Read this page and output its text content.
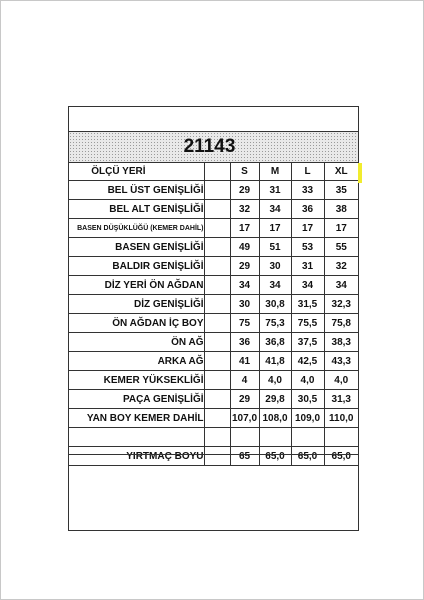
21143
ÖLÇÜ YERİ		S	M	L	XL
BEL ÜST GENİŞLİĞİ		29	31	33	35
BEL ALT GENİŞLİĞİ		32	34	36	38
BASEN DÜŞÜKLÜĞÜ (KEMER DAHİL)		17	17	17	17
BASEN GENİŞLİĞİ		49	51	53	55
BALDIR GENİŞLİĞİ		29	30	31	32
DİZ YERİ ÖN AĞDAN		34	34	34	34
DİZ GENİŞLİĞİ		30	30,8	31,5	32,3
ÖN AĞDAN İÇ BOY		75	75,3	75,5	75,8
ÖN AĞ		36	36,8	37,5	38,3
ARKA AĞ		41	41,8	42,5	43,3
KEMER YÜKSEKLİĞİ		4	4,0	4,0	4,0
PAÇA GENİŞLİĞİ		29	29,8	30,5	31,3
YAN BOY KEMER DAHİL		107,0	108,0	109,0	110,0

YIRTMAÇ BOYU		65	65,0	65,0	65,0
